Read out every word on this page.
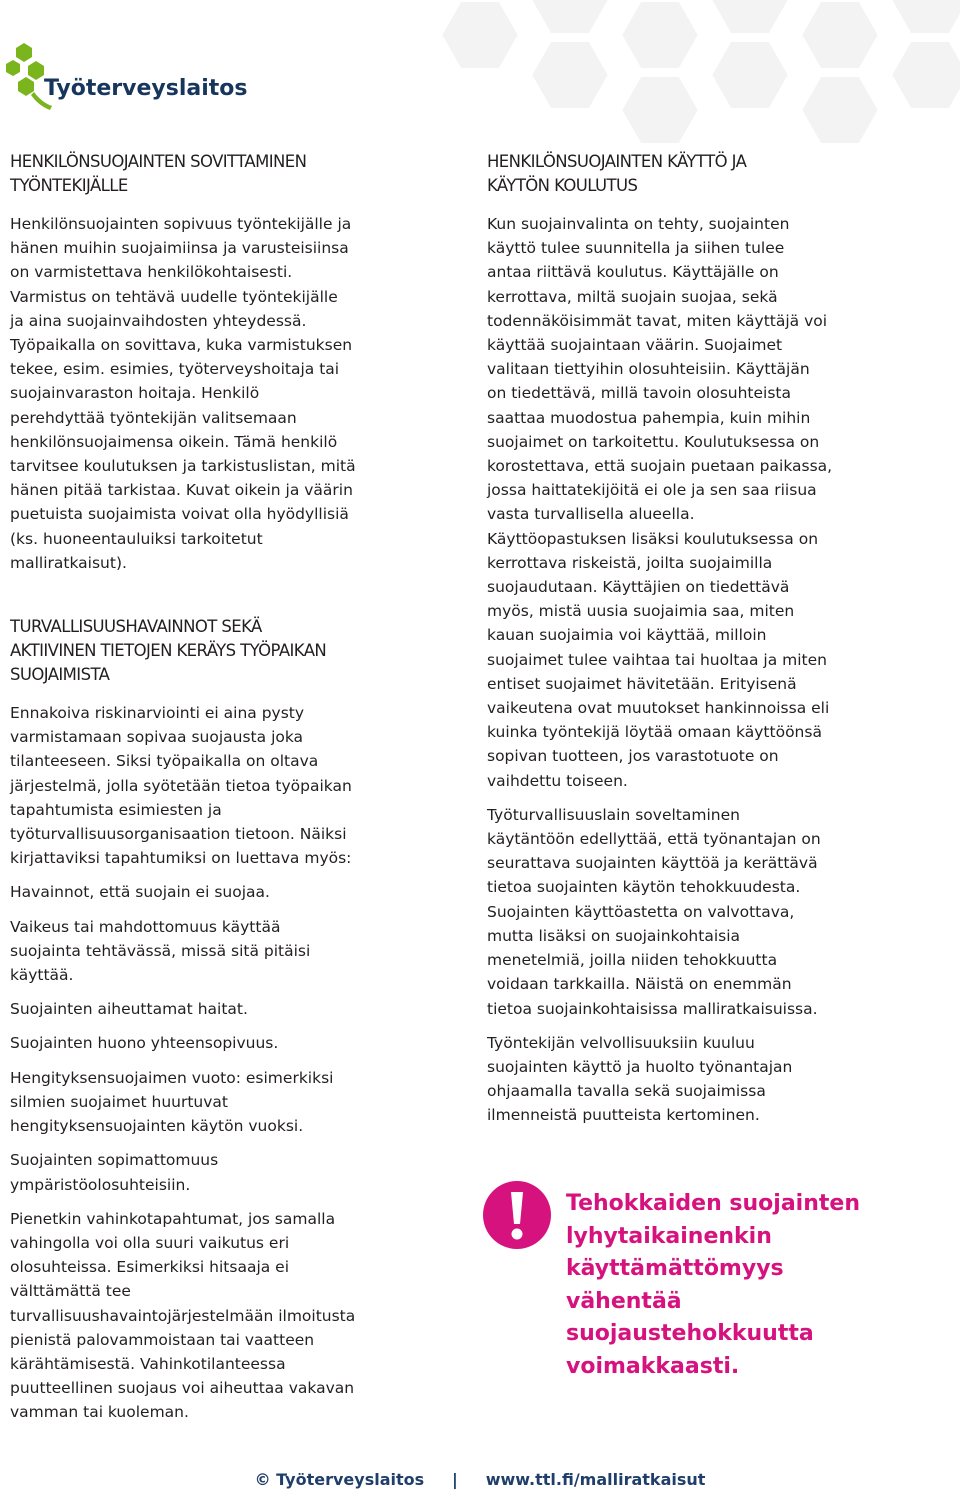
Työterveyslaitos
HENKILÖNSUOJAINTEN SOVITTAMINEN
TYÖNTEKIJÄLLE
Henkilönsuojainten sopivuus työntekijälle ja
hänen muihin suojaimiinsa ja varusteisiinsa
on varmistettava henkilökohtaisesti.
Varmistus on tehtävä uudelle työntekijälle
ja aina suojainvaihdosten yhteydessä.
Työpaikalla on sovittava, kuka varmistuksen
tekee, esim. esimies, työterveyshoitaja tai
suojainvaraston hoitaja. Henkilö
perehdyttää työntekijän valitsemaan
henkilönsuojaimensa oikein. Tämä henkilö
tarvitsee koulutuksen ja tarkistuslistan, mitä
hänen pitää tarkistaa. Kuvat oikein ja väärin
puetuista suojaimista voivat olla hyödyllisiä
(ks. huoneentauluiksi tarkoitetut
malliratkaisut).
TURVALLISUUSHAVAINNOT SEKÄ
AKTIIVINEN TIETOJEN KERÄYS TYÖPAIKAN
SUOJAIMISTA
Ennakoiva riskinarviointi ei aina pysty
varmistamaan sopivaa suojausta joka
tilanteeseen. Siksi työpaikalla on oltava
järjestelmä, jolla syötetään tietoa työpaikan
tapahtumista esimiesten ja
työturvallisuusorganisaation tietoon. Näiksi
kirjattaviksi tapahtumiksi on luettava myös:
Havainnot, että suojain ei suojaa.
Vaikeus tai mahdottomuus käyttää
suojainta tehtävässä, missä sitä pitäisi
käyttää.
Suojainten aiheuttamat haitat.
Suojainten huono yhteensopivuus.
Hengityksensuojaimen vuoto: esimerkiksi
silmien suojaimet huurtuvat
hengityksensuojainten käytön vuoksi.
Suojainten sopimattomuus
ympäristöolosuhteisiin.
Pienetkin vahinkotapahtumat, jos samalla
vahingolla voi olla suuri vaikutus eri
olosuhteissa. Esimerkiksi hitsaaja ei
välttämättä tee
turvallisuushavaintojärjestelmään ilmoitusta
pienistä palovammoistaan tai vaatteen
kärähtämisestä. Vahinkotilanteessa
puutteellinen suojaus voi aiheuttaa vakavan
vamman tai kuoleman.
HENKILÖNSUOJAINTEN KÄYTTÖ JA
KÄYTÖN KOULUTUS
Kun suojainvalinta on tehty, suojainten
käyttö tulee suunnitella ja siihen tulee
antaa riittävä koulutus. Käyttäjälle on
kerrottava, miltä suojain suojaa, sekä
todennäköisimmät tavat, miten käyttäjä voi
käyttää suojaintaan väärin. Suojaimet
valitaan tiettyihin olosuhteisiin. Käyttäjän
on tiedettävä, millä tavoin olosuhteista
saattaa muodostua pahempia, kuin mihin
suojaimet on tarkoitettu. Koulutuksessa on
korostettava, että suojain puetaan paikassa,
jossa haittatekijöitä ei ole ja sen saa riisua
vasta turvallisella alueella.
Käyttöopastuksen lisäksi koulutuksessa on
kerrottava riskeistä, joilta suojaimilla
suojaudutaan. Käyttäjien on tiedettävä
myös, mistä uusia suojaimia saa, miten
kauan suojaimia voi käyttää, milloin
suojaimet tulee vaihtaa tai huoltaa ja miten
entiset suojaimet hävitetään. Erityisenä
vaikeutena ovat muutokset hankinnoissa eli
kuinka työntekijä löytää omaan käyttöönsä
sopivan tuotteen, jos varastotuote on
vaihdettu toiseen.
Työturvallisuuslain soveltaminen
käytäntöön edellyttää, että työnantajan on
seurattava suojainten käyttöä ja kerättävä
tietoa suojainten käytön tehokkuudesta.
Suojainten käyttöastetta on valvottava,
mutta lisäksi on suojainkohtaisia
menetelmiä, joilla niiden tehokkuutta
voidaan tarkkailla. Näistä on enemmän
tietoa suojainkohtaisissa malliratkaisuissa.
Työntekijän velvollisuuksiin kuuluu
suojainten käyttö ja huolto työnantajan
ohjaamalla tavalla sekä suojaimissa
ilmenneistä puutteista kertominen.
Tehokkaiden suojainten
lyhytaikainenkin
käyttämättömyys
vähentää
suojaustehokkuutta
voimakkaasti.
© Työterveyslaitos     |     www.ttl.fi/malliratkaisut
